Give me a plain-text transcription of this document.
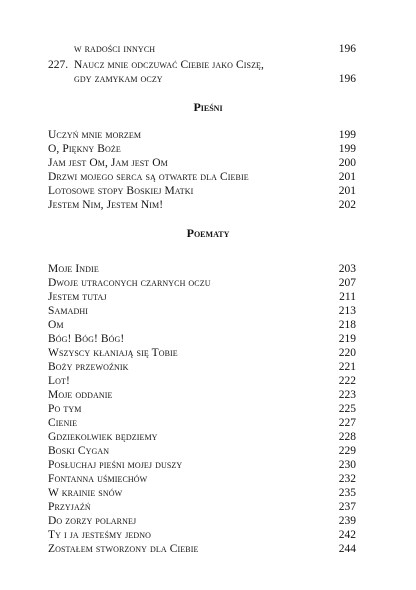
w radości innych	196
227. Naucz mnie odczuwać Ciebie jako Ciszę,
gdy zamykam oczy	196
Pieśni
Uczyń mnie morzem	199
O, Piękny Boże	199
Jam jest Om, Jam jest Om	200
Drzwi mojego serca są otwarte dla Ciebie	201
Lotosowe stopy Boskiej Matki	201
Jestem Nim, Jestem Nim!	202
Poematy
Moje Indie	203
Dwoje utraconych czarnych oczu	207
Jestem tutaj	211
Samadhi	213
Om	218
Bóg! Bóg! Bóg!	219
Wszyscy kłaniają się Tobie	220
Boży przewoźnik	221
Lot!	222
Moje oddanie	223
Po tym	225
Cienie	227
Gdziekolwiek będziemy	228
Boski Cygan	229
Posłuchaj pieśni mojej duszy	230
Fontanna uśmiechów	232
W krainie snów	235
Przyjaźń	237
Do zorzy polarnej	239
Ty i ja jesteśmy jedno	242
Zostałem stworzony dla Ciebie	244
